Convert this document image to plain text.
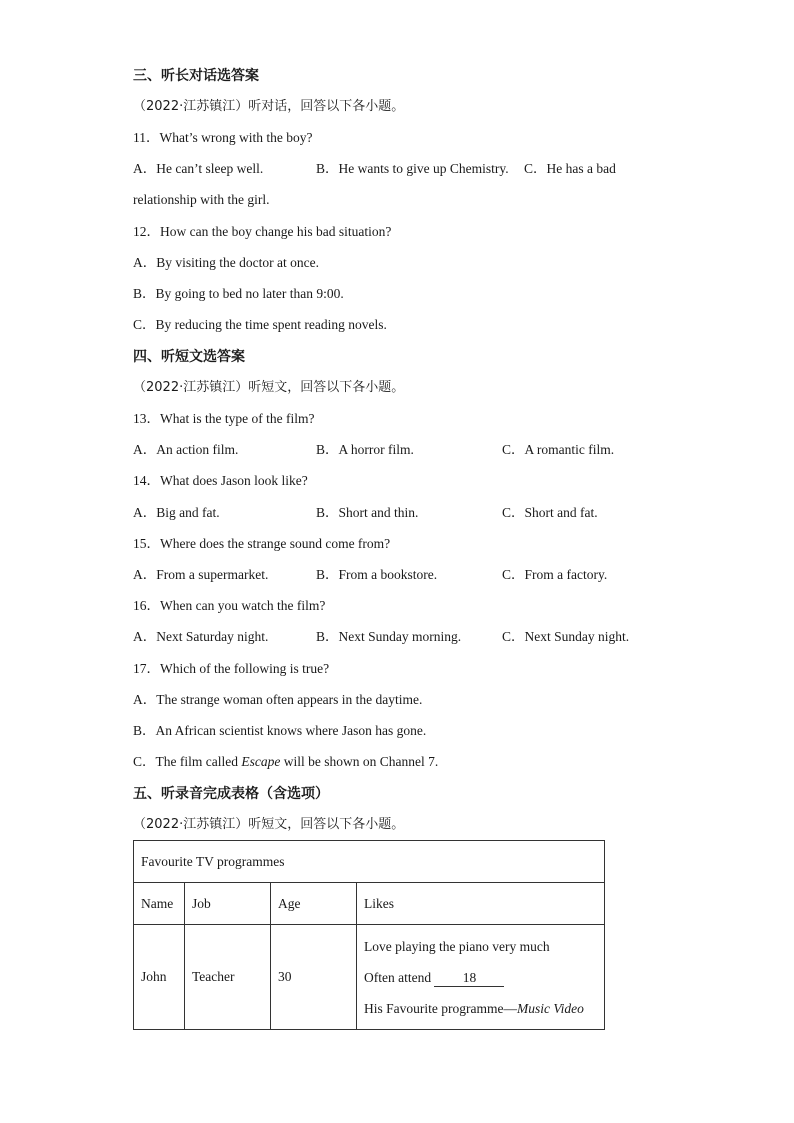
三、听长对话选答案
（2022·江苏镇江）听对话，回答以下各小题。
11．What’s wrong with the boy?
A．He can’t sleep well.	B．He wants to give up Chemistry. C．He has a bad
relationship with the girl.
12．How can the boy change his bad situation?
A．By visiting the doctor at once.
B．By going to bed no later than 9:00.
C．By reducing the time spent reading novels.
四、听短文选答案
（2022·江苏镇江）听短文，回答以下各小题。
13．What is the type of the film?
A．An action film.	B．A horror film.	C．A romantic film.
14．What does Jason look like?
A．Big and fat.	B．Short and thin.	C．Short and fat.
15．Where does the strange sound come from?
A．From a supermarket.	B．From a bookstore.	C．From a factory.
16．When can you watch the film?
A．Next Saturday night.	B．Next Sunday morning.	C．Next Sunday night.
17．Which of the following is true?
A．The strange woman often appears in the daytime.
B．An African scientist knows where Jason has gone.
C．The film called Escape will be shown on Channel 7.
五、听录音完成表格（含选项）
（2022·江苏镇江）听短文，回答以下各小题。
Favourite TV programmes			
Name	Job	Age	Likes
John	Teacher	30	Love playing the piano very much
Often attend 18
His Favourite programme—Music Video
